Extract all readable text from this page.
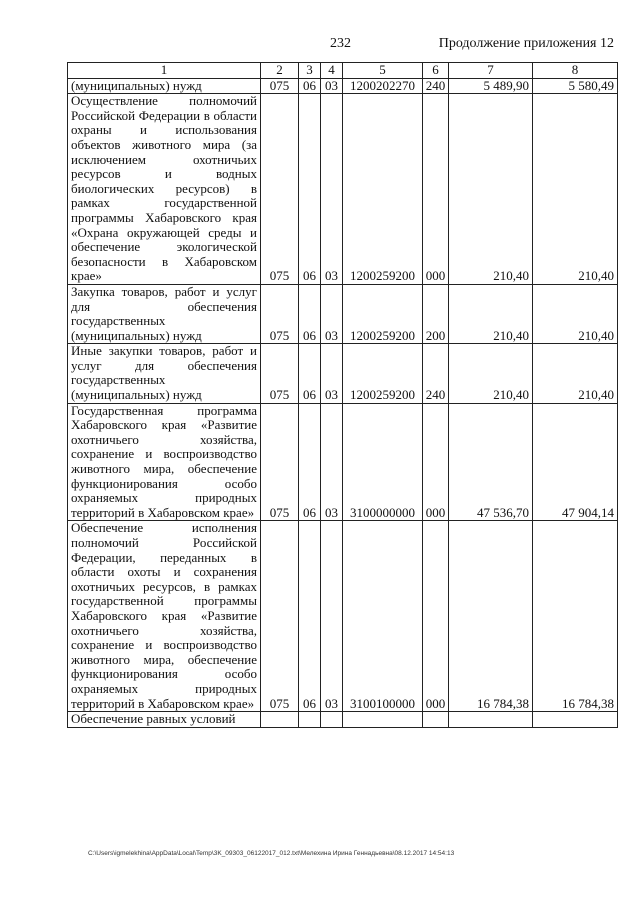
232	Продолжение приложения 12
1	2	3	4	5	6	7	8
(муниципальных) нужд	075	06	03	1200202270	240	5 489,90	5 580,49
Осуществление полномочий Российской Федерации в области охраны и использования объектов животного мира (за исключением охотничьих ресурсов и водных биологических ресурсов) в рамках государственной программы Хабаровского края «Охрана окружающей среды и обеспечение экологической безопасности в Хабаровском крае»	075	06	03	1200259200	000	210,40	210,40
Закупка товаров, работ и услуг для обеспечения государственных (муниципальных) нужд	075	06	03	1200259200	200	210,40	210,40
Иные закупки товаров, работ и услуг для обеспечения государственных (муниципальных) нужд	075	06	03	1200259200	240	210,40	210,40
Государственная программа Хабаровского края «Развитие охотничьего хозяйства, сохранение и воспроизводство животного мира, обеспечение функционирования особо охраняемых природных территорий в Хабаровском крае»	075	06	03	3100000000	000	47 536,70	47 904,14
Обеспечение исполнения полномочий Российской Федерации, переданных в области охоты и сохранения охотничьих ресурсов, в рамках государственной программы Хабаровского края «Развитие охотничьего хозяйства, сохранение и воспроизводство животного мира, обеспечение функционирования особо охраняемых природных территорий в Хабаровском крае»	075	06	03	3100100000	000	16 784,38	16 784,38
Обеспечение равных условий							
C:\Users\igmelekhina\AppData\Local\Temp\3K_09303_06122017_012.txt\Мелехина Ирина Геннадьевна\08.12.2017 14:54:13
